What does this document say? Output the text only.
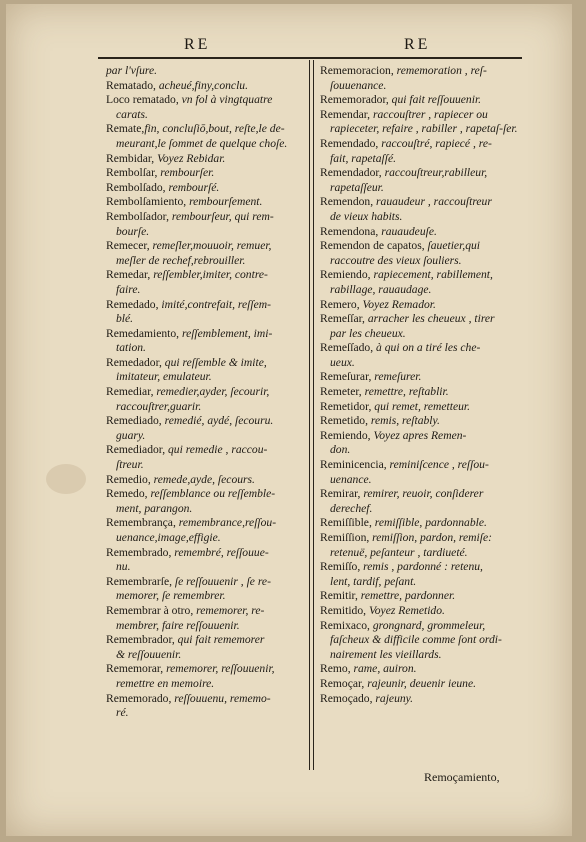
RE	RE

par l'vſure.

Rematado, acheué,finy,conclu.

Loco rematado, vn fol à vingtquatre
carats.

Remate,fin, concluſiō,bout, reſte,le de-
meurant,le ſommet de quelque choſe.

Rembidar, Voyez Rebidar.

Rembolſar, rembourſer.

Rembolſado, rembourſé.

Rembolſamiento, rembourſement.

Rembolſador, rembourſeur, qui rem-
bourſe.

Remecer, remeſler,mouuoir, remuer,
meſler de rechef,rebrouiller.

Remedar, reſſembler,imiter, contre-
faire.

Remedado, imité,contrefait, reſſem-
blé.

Remedamiento, reſſemblement, imi-
tation.

Remedador, qui reſſemble & imite,
imitateur, emulateur.

Remediar, remedier,ayder, ſecourir,
raccouſtrer,guarir.

Remediado, remedié, aydé, ſecouru.
guary.

Remediador, qui remedie , raccou-
ſtreur.

Remedio, remede,ayde, ſecours.

Remedo, reſſemblance ou reſſemble-
ment, parangon.

Remembrança, remembrance,reſſou-
uenance,image,effigie.

Remembrado, remembré, reſſouue-
nu.

Remembrarſe, ſe reſſouuenir , ſe re-
memorer, ſe remembrer.

Remembrar à otro, rememorer, re-
membrer, faire reſſouuenir.

Remembrador, qui fait rememorer
& reſſouuenir.

Rememorar, rememorer, reſſouuenir,
remettre en memoire.

Rememorado, reſſouuenu, rememo-
ré.

Rememoracion, rememoration , reſ-
ſouuenance.

Rememorador, qui fait reſſouuenir.

Remendar, raccouſtrer , rapiecer ou
rapieceter, refaire , rabiller , rapetaſ-ſer.

Remendado, raccouſtré, rapiecé , re-
fait, rapetaſſé.

Remendador, raccouſtreur,rabilleur,
rapetaſſeur.

Remendon, rauaudeur , raccouſtreur
de vieux habits.

Remendona, rauaudeuſe.

Remendon de capatos, ſauetier,qui
raccoutre des vieux ſouliers.

Remiendo, rapiecement, rabillement,
rabillage, rauaudage.

Remero, Voyez Remador.

Remeſſar, arracher les cheueux , tirer
par les cheueux.

Remeſſado, à qui on a tiré les che-
ueux.

Remeſurar, remeſurer.

Remeter, remettre, reſtablir.

Remetidor, qui remet, remetteur.

Remetido, remis, reſtably.

Remiendo, Voyez apres Remen-
don.

Reminicencia, reminiſcence , reſſou-
uenance.

Remirar, remirer, reuoir, conſiderer
derechef.

Remiſſible, remiſſible, pardonnable.

Remiſſion, remiſſion, pardon, remiſe:
retenuë, peſanteur , tardiueté.

Remiſſo, remis , pardonné : retenu,
lent, tardif, peſant.

Remitir, remettre, pardonner.

Remitido, Voyez Remetido.

Remixaco, grongnard, grommeleur,
faſcheux & difficile comme ſont ordi-nairement les vieillards.

Remo, rame, auiron.

Remoçar, rajeunir, deuenir ieune.

Remoçado, rajeuny.

Remoçamiento,
